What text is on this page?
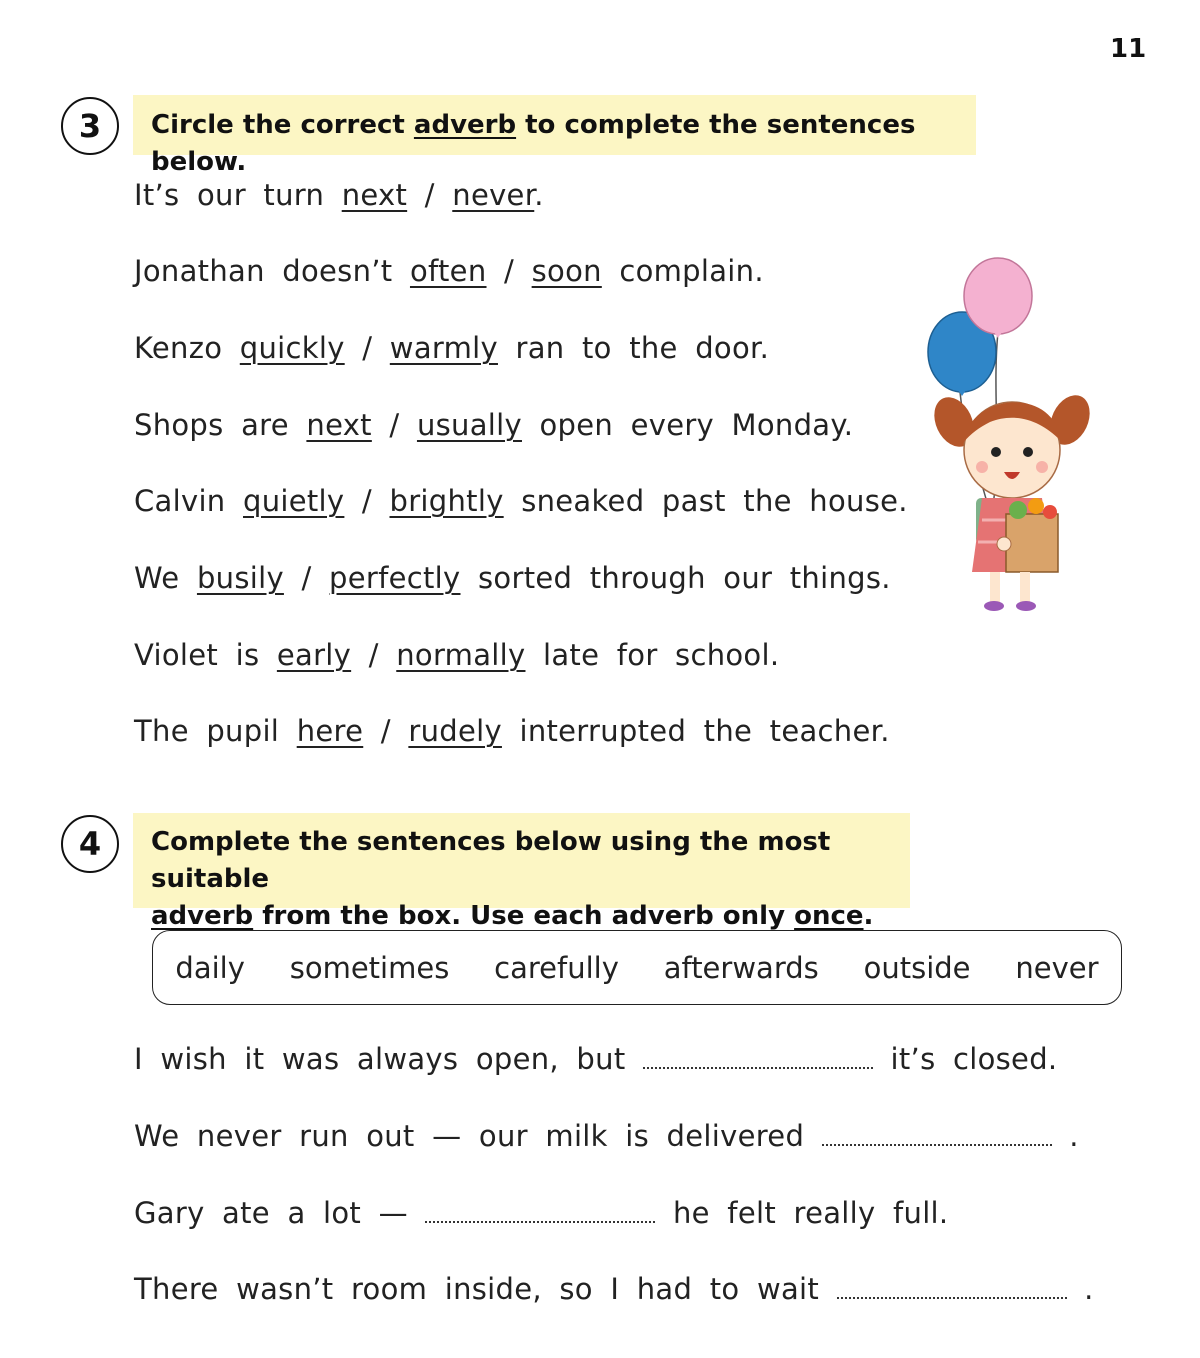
11
3	Circle the correct adverb to complete the sentences below.
It’s our turn next / never.
Jonathan doesn’t often / soon complain.
Kenzo quickly / warmly ran to the door.
Shops are next / usually open every Monday.
Calvin quietly / brightly sneaked past the house.
We busily / perfectly sorted through our things.
Violet is early / normally late for school.
The pupil here / rudely interrupted the teacher.
4	Complete the sentences below using the most suitable
adverb from the box. Use each adverb only once.
daily sometimes carefully afterwards outside never
I wish it was always open, but	it’s closed.
We never run out — our milk is delivered	.
Gary ate a lot —	he felt really full.
There wasn’t room inside, so I had to wait	.
